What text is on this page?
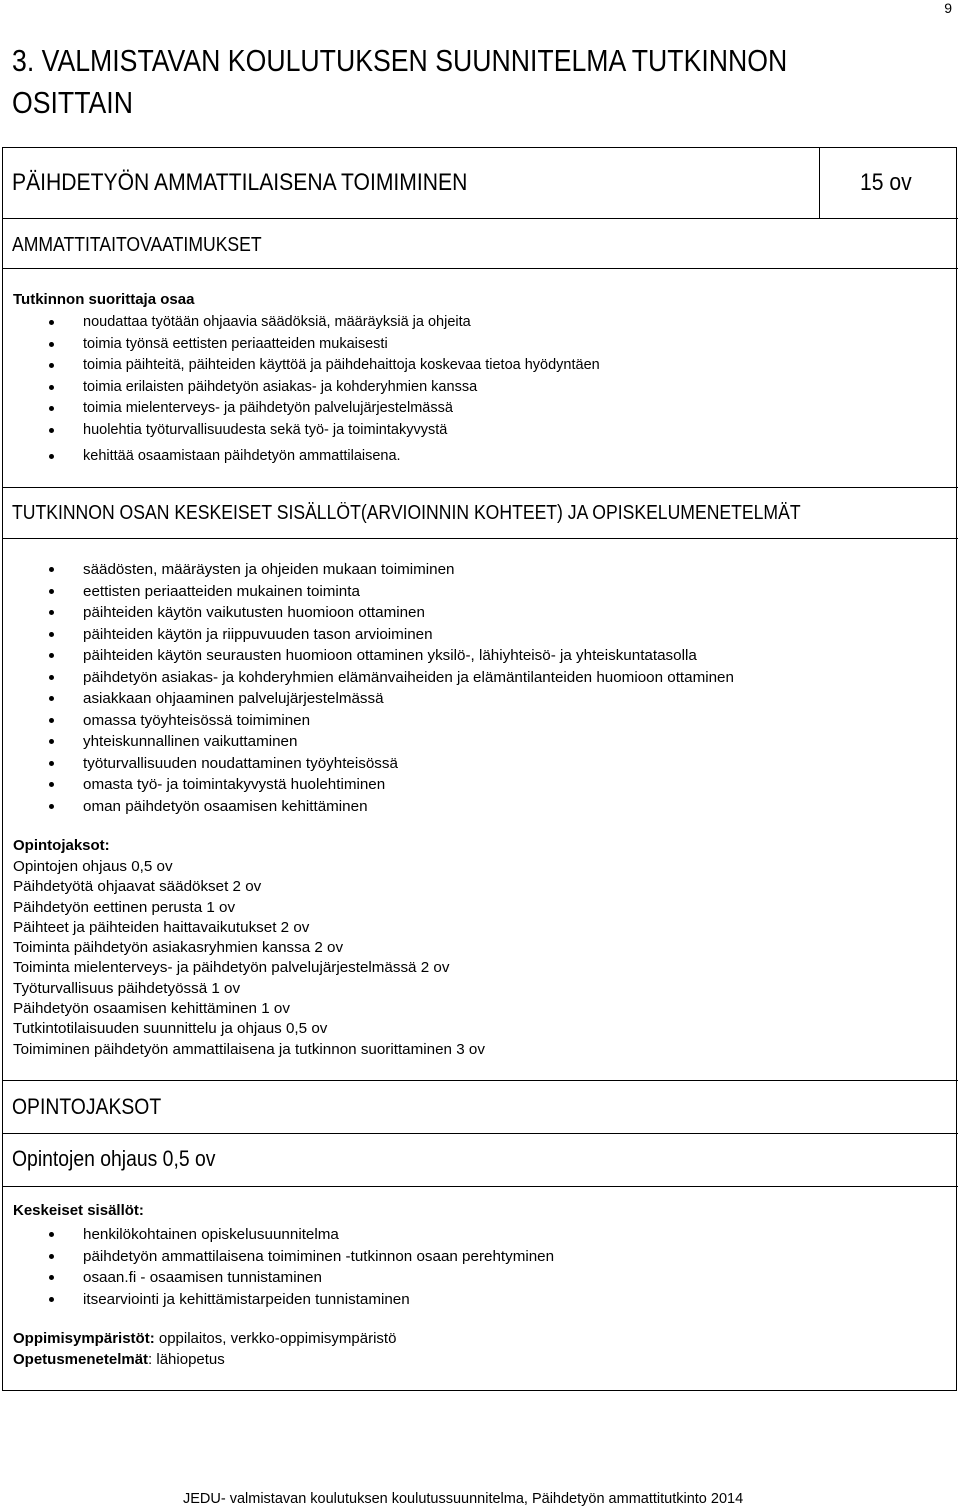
9
3. VALMISTAVAN KOULUTUKSEN SUUNNITELMA TUTKINNON
OSITTAIN
PÄIHDETYÖN AMMATTILAISENA TOIMIMINEN	15 ov
AMMATTITAITOVAATIMUKSET
Tutkinnon suorittaja osaa
noudattaa työtään ohjaavia säädöksiä, määräyksiä ja ohjeita
toimia työnsä eettisten periaatteiden mukaisesti
toimia päihteitä, päihteiden käyttöä ja päihdehaittoja koskevaa tietoa hyödyntäen
toimia erilaisten päihdetyön asiakas- ja kohderyhmien kanssa
toimia mielenterveys- ja päihdetyön palvelujärjestelmässä
huolehtia työturvallisuudesta sekä työ- ja toimintakyvystä
kehittää osaamistaan päihdetyön ammattilaisena.
TUTKINNON OSAN KESKEISET SISÄLLÖT(ARVIOINNIN KOHTEET) JA OPISKELUMENETELMÄT
säädösten, määräysten ja ohjeiden mukaan toimiminen
eettisten periaatteiden mukainen toiminta
päihteiden käytön vaikutusten huomioon ottaminen
päihteiden käytön ja riippuvuuden tason arvioiminen
päihteiden käytön seurausten huomioon ottaminen yksilö-, lähiyhteisö- ja yhteiskuntatasolla
päihdetyön asiakas- ja kohderyhmien elämänvaiheiden ja elämäntilanteiden huomioon ottaminen
asiakkaan ohjaaminen palvelujärjestelmässä
omassa työyhteisössä toimiminen
yhteiskunnallinen vaikuttaminen
työturvallisuuden noudattaminen työyhteisössä
omasta työ- ja toimintakyvystä huolehtiminen
oman päihdetyön osaamisen kehittäminen
Opintojaksot:
Opintojen ohjaus 0,5 ov
Päihdetyötä ohjaavat säädökset 2 ov
Päihdetyön eettinen perusta 1 ov
Päihteet ja päihteiden haittavaikutukset 2 ov
Toiminta päihdetyön asiakasryhmien kanssa 2 ov
Toiminta mielenterveys- ja päihdetyön palvelujärjestelmässä 2 ov
Työturvallisuus päihdetyössä 1 ov
Päihdetyön osaamisen kehittäminen 1 ov
Tutkintotilaisuuden suunnittelu ja ohjaus 0,5 ov
Toimiminen päihdetyön ammattilaisena ja tutkinnon suorittaminen 3 ov
OPINTOJAKSOT
Opintojen ohjaus 0,5 ov
Keskeiset sisällöt:
henkilökohtainen opiskelusuunnitelma
päihdetyön ammattilaisena toimiminen -tutkinnon osaan perehtyminen
osaan.fi - osaamisen tunnistaminen
itsearviointi ja kehittämistarpeiden tunnistaminen
Oppimisympäristöt: oppilaitos, verkko-oppimisympäristö
Opetusmenetelmät: lähiopetus
JEDU- valmistavan koulutuksen koulutussuunnitelma, Päihdetyön ammattitutkinto 2014
